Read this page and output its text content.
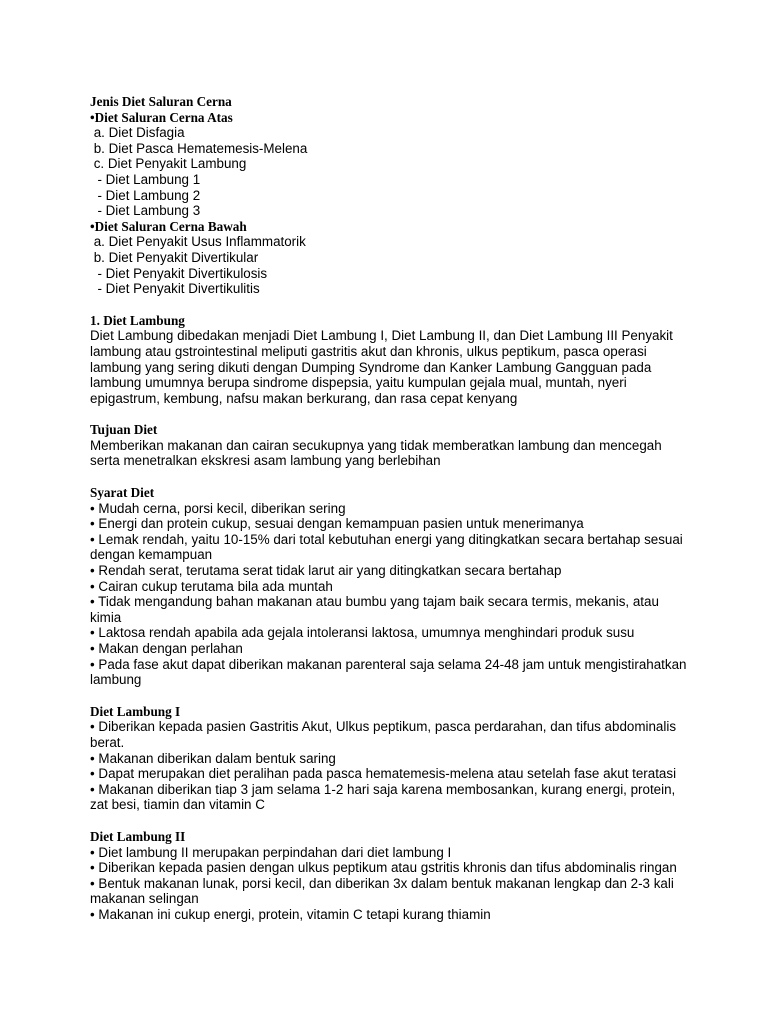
Jenis Diet Saluran Cerna
•Diet Saluran Cerna Atas
a. Diet Disfagia
b. Diet Pasca Hematemesis-Melena
c. Diet Penyakit Lambung
- Diet Lambung 1
- Diet Lambung 2
- Diet Lambung 3
•Diet Saluran Cerna Bawah
a. Diet Penyakit Usus Inflammatorik
b. Diet Penyakit Divertikular
- Diet Penyakit Divertikulosis
- Diet Penyakit Divertikulitis
1. Diet Lambung
Diet Lambung dibedakan menjadi Diet Lambung I, Diet Lambung II, dan Diet Lambung III Penyakit lambung atau gstrointestinal meliputi gastritis akut dan khronis, ulkus peptikum, pasca operasi lambung yang sering dikuti dengan Dumping Syndrome dan Kanker Lambung Gangguan pada lambung umumnya berupa sindrome dispepsia, yaitu kumpulan gejala mual, muntah, nyeri epigastrum, kembung, nafsu makan berkurang, dan rasa cepat kenyang
Tujuan Diet
Memberikan makanan dan cairan secukupnya yang tidak memberatkan lambung dan mencegah serta menetralkan ekskresi asam lambung yang berlebihan
Syarat Diet
• Mudah cerna, porsi kecil, diberikan sering
• Energi dan protein cukup, sesuai dengan kemampuan pasien untuk menerimanya
• Lemak rendah, yaitu 10-15% dari total kebutuhan energi yang ditingkatkan secara bertahap sesuai dengan kemampuan
• Rendah serat, terutama serat tidak larut air yang ditingkatkan secara bertahap
• Cairan cukup terutama bila ada muntah
• Tidak mengandung bahan makanan atau bumbu yang tajam baik secara termis, mekanis, atau kimia
• Laktosa rendah apabila ada gejala intoleransi laktosa, umumnya menghindari produk susu
• Makan dengan perlahan
• Pada fase akut dapat diberikan makanan parenteral saja selama 24-48 jam untuk mengistirahatkan lambung
Diet Lambung I
• Diberikan kepada pasien Gastritis Akut, Ulkus peptikum, pasca perdarahan, dan tifus abdominalis berat.
• Makanan diberikan dalam bentuk saring
• Dapat merupakan diet peralihan pada pasca hematemesis-melena atau setelah fase akut teratasi
• Makanan diberikan tiap 3 jam selama 1-2 hari saja karena membosankan, kurang energi, protein, zat besi, tiamin dan vitamin C
Diet Lambung II
• Diet lambung II merupakan perpindahan dari diet lambung I
• Diberikan kepada pasien dengan ulkus peptikum atau gstritis khronis dan tifus abdominalis ringan
• Bentuk makanan lunak, porsi kecil, dan diberikan 3x dalam bentuk makanan lengkap dan 2-3 kali makanan selingan
• Makanan ini cukup energi, protein, vitamin C tetapi kurang thiamin
